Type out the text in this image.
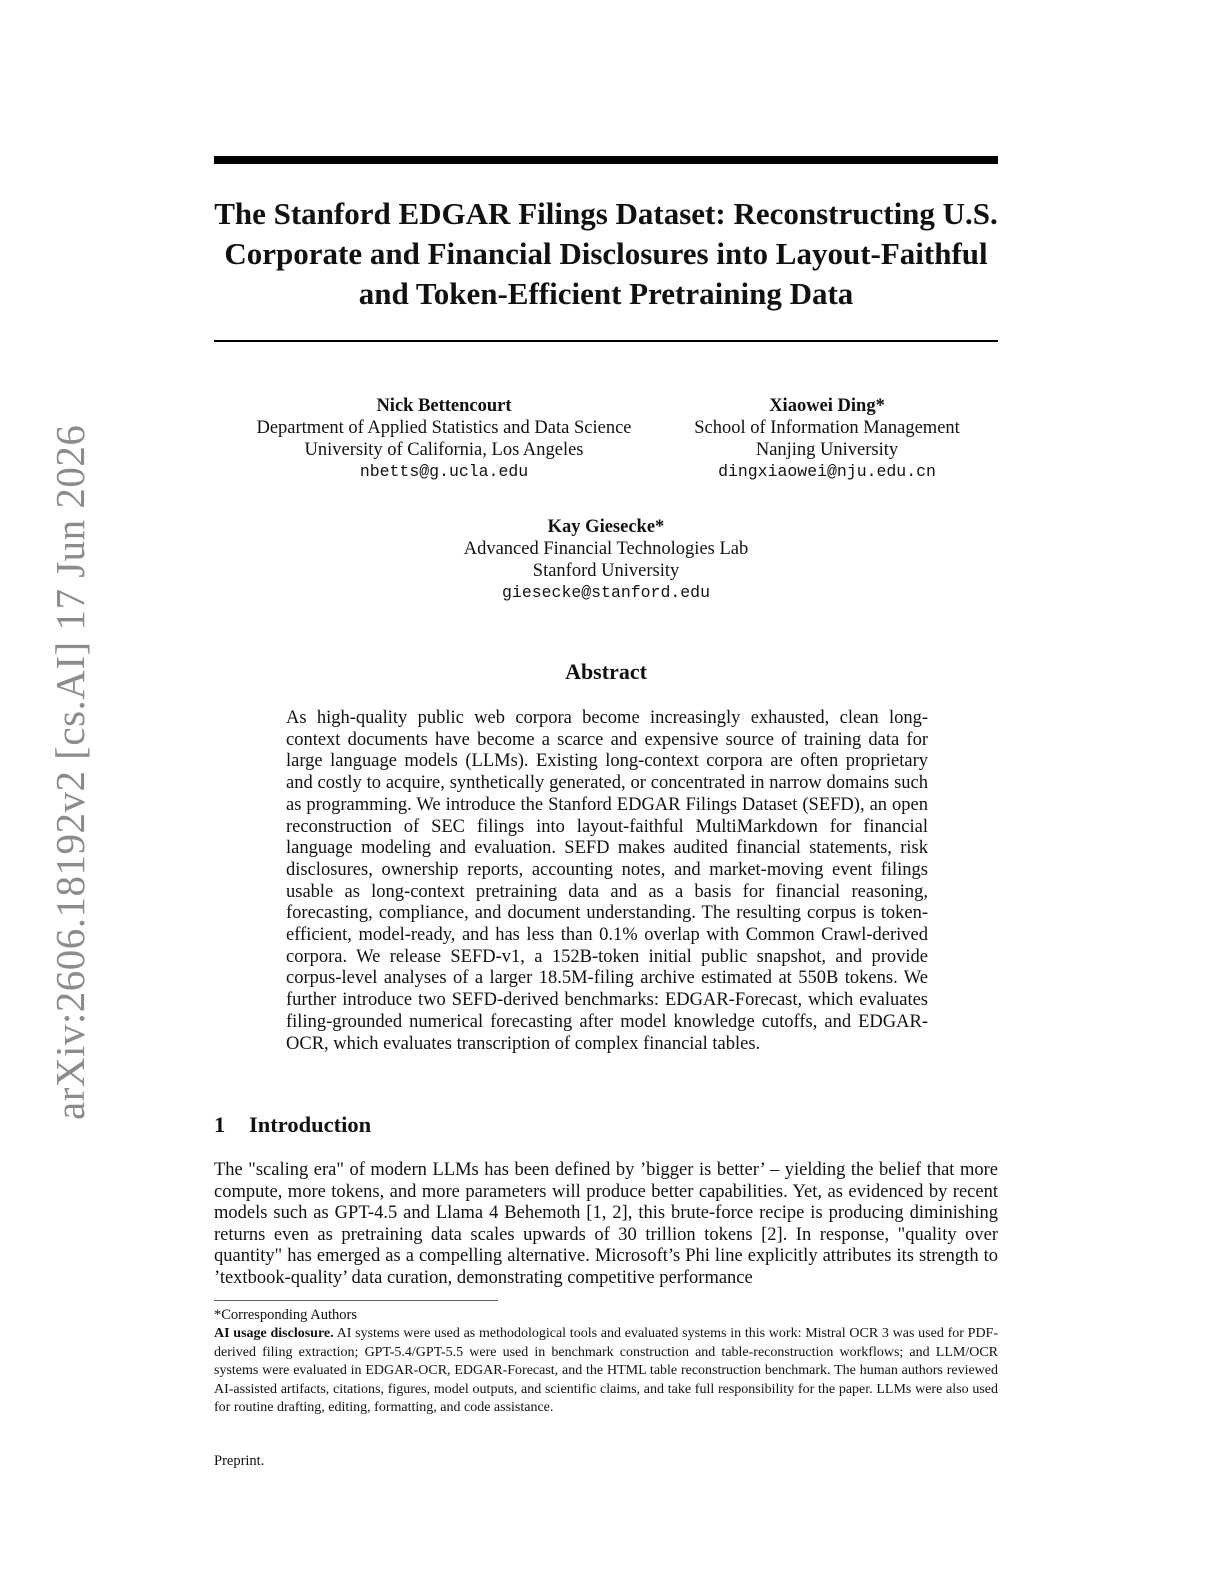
arXiv:2606.18192v2 [cs.AI] 17 Jun 2026
The Stanford EDGAR Filings Dataset: Reconstructing U.S. Corporate and Financial Disclosures into Layout-Faithful and Token-Efficient Pretraining Data
Nick Bettencourt
Department of Applied Statistics and Data Science
University of California, Los Angeles
nbetts@g.ucla.edu
Xiaowei Ding*
School of Information Management
Nanjing University
dingxiaowei@nju.edu.cn
Kay Giesecke*
Advanced Financial Technologies Lab
Stanford University
giesecke@stanford.edu
Abstract

As high-quality public web corpora become increasingly exhausted, clean long-context documents have become a scarce and expensive source of training data for large language models (LLMs). Existing long-context corpora are often proprietary and costly to acquire, synthetically generated, or concentrated in narrow domains such as programming. We introduce the Stanford EDGAR Filings Dataset (SEFD), an open reconstruction of SEC filings into layout-faithful MultiMarkdown for financial language modeling and evaluation. SEFD makes audited financial statements, risk disclosures, ownership reports, accounting notes, and market-moving event filings usable as long-context pretraining data and as a basis for financial reasoning, forecasting, compliance, and document understanding. The resulting corpus is token-efficient, model-ready, and has less than 0.1% overlap with Common Crawl-derived corpora. We release SEFD-v1, a 152B-token initial public snapshot, and provide corpus-level analyses of a larger 18.5M-filing archive estimated at 550B tokens. We further introduce two SEFD-derived benchmarks: EDGAR-Forecast, which evaluates filing-grounded numerical forecasting after model knowledge cutoffs, and EDGAR-OCR, which evaluates transcription of complex financial tables.

1 Introduction

The "scaling era" of modern LLMs has been defined by ’bigger is better’ – yielding the belief that more compute, more tokens, and more parameters will produce better capabilities. Yet, as evidenced by recent models such as GPT-4.5 and Llama 4 Behemoth [1, 2], this brute-force recipe is producing diminishing returns even as pretraining data scales upwards of 30 trillion tokens [2]. In response, "quality over quantity" has emerged as a compelling alternative. Microsoft’s Phi line explicitly attributes its strength to ’textbook-quality’ data curation, demonstrating competitive performance

*Corresponding Authors

AI usage disclosure. AI systems were used as methodological tools and evaluated systems in this work: Mistral OCR 3 was used for PDF-derived filing extraction; GPT-5.4/GPT-5.5 were used in benchmark construction and table-reconstruction workflows; and LLM/OCR systems were evaluated in EDGAR-OCR, EDGAR-Forecast, and the HTML table reconstruction benchmark. The human authors reviewed AI-assisted artifacts, citations, figures, model outputs, and scientific claims, and take full responsibility for the paper. LLMs were also used for routine drafting, editing, formatting, and code assistance.

Preprint.
